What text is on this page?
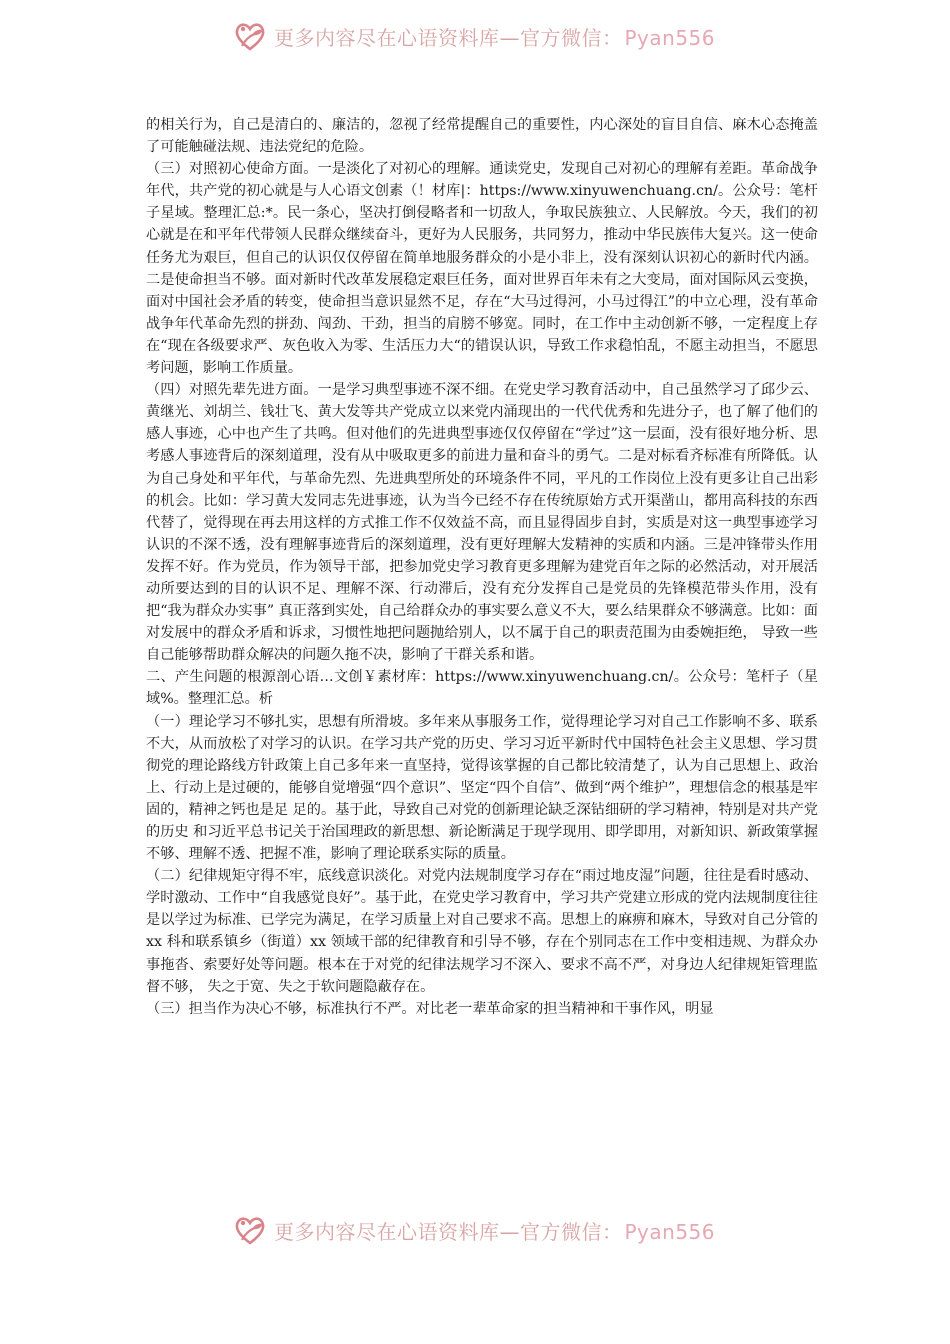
更多内容尽在心语资料库—官方微信： Pyan556

的相关行为，自己是清白的、廉洁的，忽视了经常提醒自己的重要性，内心深处的盲目自信、麻木心态掩盖了可能触碰法规、违法党纪的危险。

（三）对照初心使命方面。一是淡化了对初心的理解。通读党史，发现自己对初心的理解有差距。革命战争年代，共产党的初心就是与人心语文创素（！材库|：https://www.xinyuwenchuang.cn/。公众号：笔杆子星域。整理汇总:*。民一条心，坚决打倒侵略者和一切敌人，争取民族独立、人民解放。今天，我们的初心就是在和平年代带领人民群众继续奋斗，更好为人民服务，共同努力，推动中华民族伟大复兴。这一使命任务尤为艰巨，但自己的认识仅仅停留在简单地服务群众的小是小非上，没有深刻认识初心的新时代内涵。二是使命担当不够。面对新时代改革发展稳定艰巨任务，面对世界百年未有之大变局，面对国际风云变换，面对中国社会矛盾的转变，使命担当意识显然不足，存在“大马过得河，小马过得江”的中立心理，没有革命战争年代革命先烈的拼劲、闯劲、干劲，担当的肩膀不够宽。同时，在工作中主动创新不够，一定程度上存在“现在各级要求严、灰色收入为零、生活压力大“的错误认识，导致工作求稳怕乱，不愿主动担当，不愿思考问题，影响工作质量。

（四）对照先辈先进方面。一是学习典型事迹不深不细。在党史学习教育活动中，自己虽然学习了邱少云、黄继光、刘胡兰、钱壮飞、黄大发等共产党成立以来党内涌现出的一代代优秀和先进分子，也了解了他们的感人事迹，心中也产生了共鸣。但对他们的先进典型事迹仅仅停留在“学过”这一层面，没有很好地分析、思考感人事迹背后的深刻道理，没有从中吸取更多的前进力量和奋斗的勇气。二是对标看齐标准有所降低。认为自己身处和平年代，与革命先烈、先进典型所处的环境条件不同，平凡的工作岗位上没有更多让自己出彩的机会。比如：学习黄大发同志先进事迹，认为当今已经不存在传统原始方式开渠凿山，都用高科技的东西代替了，觉得现在再去用这样的方式推工作不仅效益不高，而且显得固步自封，实质是对这一典型事迹学习认识的不深不透，没有理解事迹背后的深刻道理，没有更好理解大发精神的实质和内涵。三是冲锋带头作用发挥不好。作为党员，作为领导干部，把参加党史学习教育更多理解为建党百年之际的必然活动，对开展活动所要达到的目的认识不足、理解不深、行动滞后，没有充分发挥自己是党员的先锋模范带头作用，没有把“我为群众办实事” 真正落到实处，自己给群众办的事实要么意义不大，要么结果群众不够满意。比如：面对发展中的群众矛盾和诉求，习惯性地把问题抛给别人，以不属于自己的职责范围为由委婉拒绝， 导致一些自己能够帮助群众解决的问题久拖不决，影响了干群关系和谐。

二、产生问题的根源剖心语…文创￥素材库：https://www.xinyuwenchuang.cn/。公众号：笔杆子（星域%。整理汇总。析

（一）理论学习不够扎实，思想有所滑坡。多年来从事服务工作，觉得理论学习对自己工作影响不多、联系不大，从而放松了对学习的认识。在学习共产党的历史、学习习近平新时代中国特色社会主义思想、学习贯彻党的理论路线方针政策上自己多年来一直坚持，觉得该掌握的自己都比较清楚了，认为自己思想上、政治上、行动上是过硬的，能够自觉增强“四个意识”、坚定“四个自信”、做到“两个维护”，理想信念的根基是牢固的，精神之钙也是足 足的。基于此，导致自己对党的创新理论缺乏深钻细研的学习精神，特别是对共产党的历史 和习近平总书记关于治国理政的新思想、新论断满足于现学现用、即学即用，对新知识、新政策掌握不够、理解不透、把握不准，影响了理论联系实际的质量。

（二）纪律规矩守得不牢，底线意识淡化。对党内法规制度学习存在“雨过地皮湿”问题，往往是看时感动、学时激动、工作中“自我感觉良好”。基于此，在党史学习教育中，学习共产党建立形成的党内法规制度往往是以学过为标准、已学完为满足，在学习质量上对自己要求不高。思想上的麻痹和麻木，导致对自己分管的 xx 科和联系镇乡（街道）xx 领域干部的纪律教育和引导不够，存在个别同志在工作中变相违规、为群众办事拖沓、索要好处等问题。根本在于对党的纪律法规学习不深入、要求不高不严，对身边人纪律规矩管理监督不够， 失之于宽、失之于软问题隐蔽存在。

（三）担当作为决心不够，标准执行不严。对比老一辈革命家的担当精神和干事作风，明显

更多内容尽在心语资料库—官方微信： Pyan556
